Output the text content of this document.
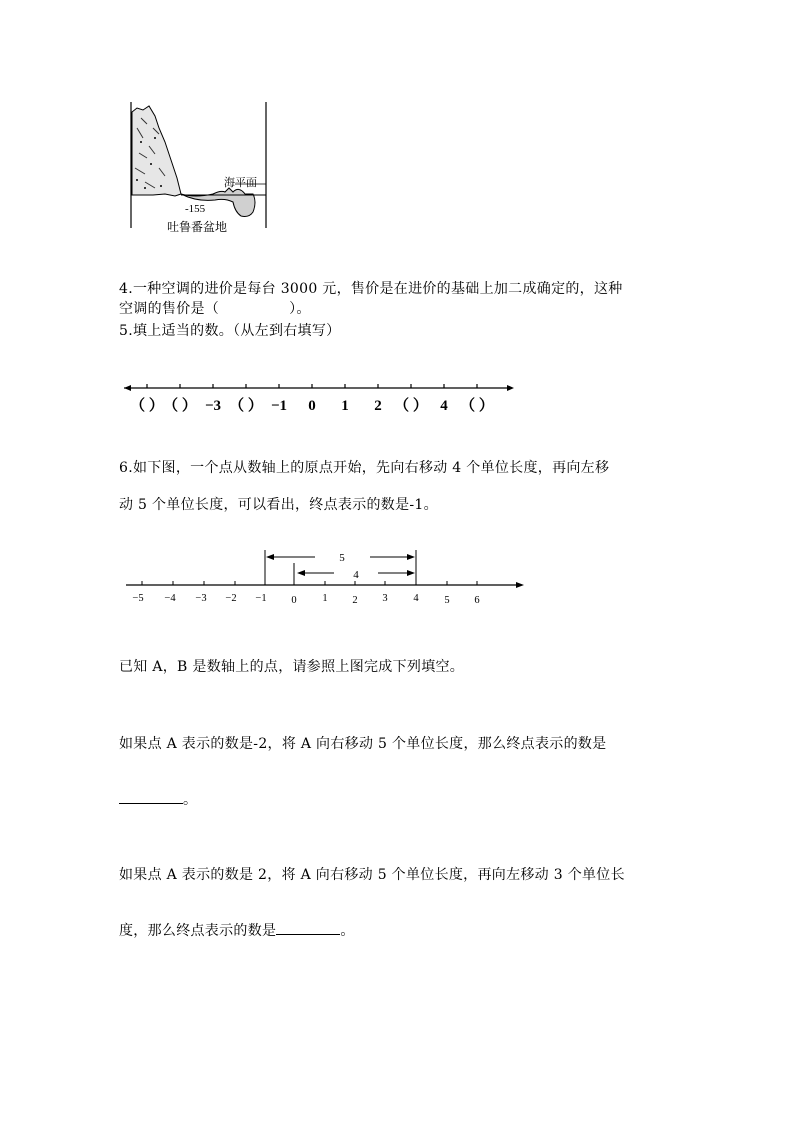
海平面
-155
吐鲁番盆地
4.一种空调的进价是每台 3000 元，售价是在进价的基础上加二成确定的，这种
空调的售价是（	）。
5.填上适当的数。（从左到右填写）
（ ） （ ） −3 （ ） −1 0 1 2 （ ） 4 （ ）
6.如下图，一个点从数轴上的原点开始，先向右移动 4 个单位长度，再向左移
动 5 个单位长度，可以看出，终点表示的数是-1。
5
4
−5 −4 −3 −2 −1 0 1 2 3 4 5 6
已知 A，B 是数轴上的点，请参照上图完成下列填空。
如果点 A 表示的数是-2，将 A 向右移动 5 个单位长度，那么终点表示的数是
。
如果点 A 表示的数是 2，将 A 向右移动 5 个单位长度，再向左移动 3 个单位长
度，那么终点表示的数是	。
